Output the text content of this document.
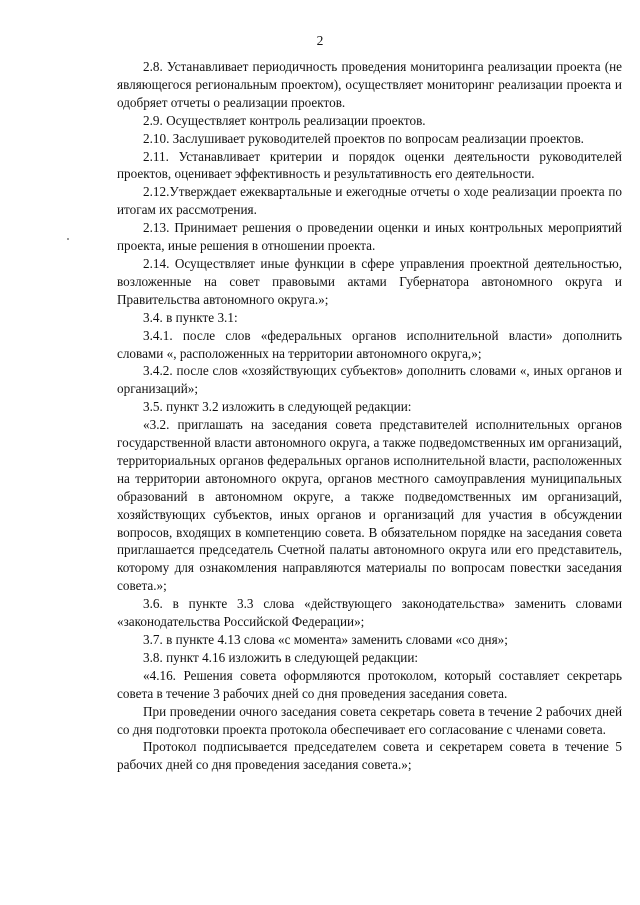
2

2.8. Устанавливает периодичность проведения мониторинга реализации проекта (не являющегося региональным проектом), осуществляет мониторинг реализации проекта и одобряет отчеты о реализации проектов.

2.9. Осуществляет контроль реализации проектов.

2.10. Заслушивает руководителей проектов по вопросам реализации проектов.

2.11. Устанавливает критерии и порядок оценки деятельности руководителей проектов, оценивает эффективность и результативность его деятельности.

2.12.Утверждает ежеквартальные и ежегодные отчеты о ходе реализации проекта по итогам их рассмотрения.

2.13. Принимает решения о проведении оценки и иных контрольных мероприятий проекта, иные решения в отношении проекта.

2.14. Осуществляет иные функции в сфере управления проектной деятельностью, возложенные на совет правовыми актами Губернатора автономного округа и Правительства автономного округа.»;

3.4. в пункте 3.1:

3.4.1. после слов «федеральных органов исполнительной власти» дополнить словами «, расположенных на территории автономного округа,»;

3.4.2. после слов «хозяйствующих субъектов» дополнить словами «, иных органов и организаций»;

3.5. пункт 3.2 изложить в следующей редакции:

«3.2. приглашать на заседания совета представителей исполнительных органов государственной власти автономного округа, а также подведомственных им организаций, территориальных органов федеральных органов исполнительной власти, расположенных на территории автономного округа, органов местного самоуправления муниципальных образований в автономном округе, а также подведомственных им организаций, хозяйствующих субъектов, иных органов и организаций для участия в обсуждении вопросов, входящих в компетенцию совета. В обязательном порядке на заседания совета приглашается председатель Счетной палаты автономного округа или его представитель, которому для ознакомления направляются материалы по вопросам повестки заседания совета.»;

3.6. в пункте 3.3 слова «действующего законодательства» заменить словами «законодательства Российской Федерации»;

3.7. в пункте 4.13 слова «с момента» заменить словами «со дня»;

3.8. пункт 4.16 изложить в следующей редакции:

«4.16. Решения совета оформляются протоколом, который составляет секретарь совета в течение 3 рабочих дней со дня проведения заседания совета.

При проведении очного заседания совета секретарь совета в течение 2 рабочих дней со дня подготовки проекта протокола обеспечивает его согласование с членами совета.

Протокол подписывается председателем совета и секретарем совета в течение 5 рабочих дней со дня проведения заседания совета.»;
